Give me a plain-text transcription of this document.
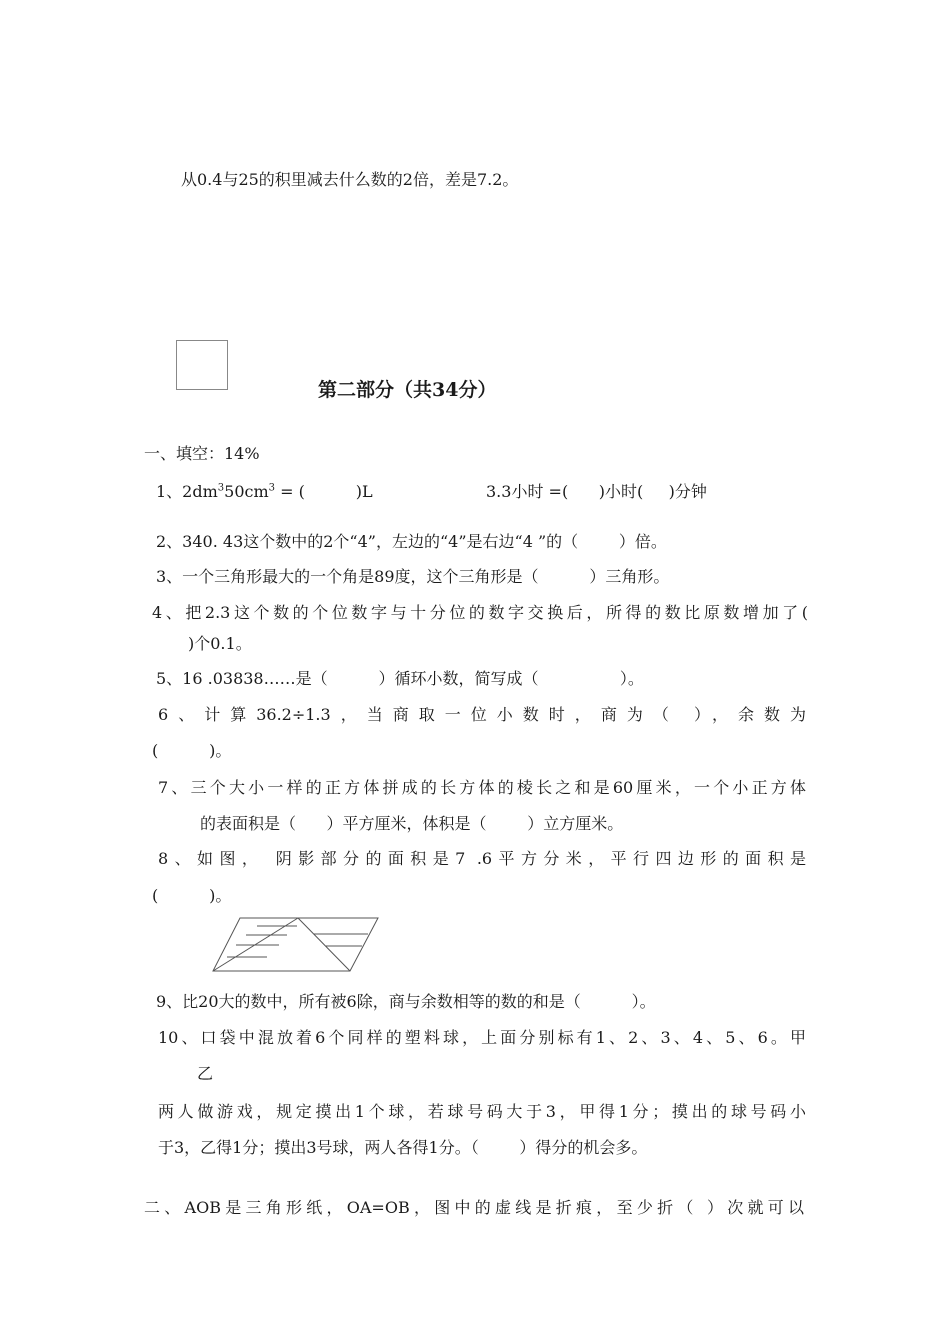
从0.4与25的积里减去什么数的2倍，差是7.2。
第二部分（共34分）
一、填空：14%
1、$2dm^350cm^3$ = (          )L	3.3小时 =(      )小时(     )分钟
2、340. 43这个数中的2个“4”，左边的“4”是右边“4 ”的（        ）倍。
3、一个三角形最大的一个角是89度，这个三角形是（          ）三角形。
4、把2.3这个数的个位数字与十分位的数字交换后，所得的数比原数增加了(
)个0.1。
5、16 .03838……是（          ）循环小数，简写成（                ）。
6、计算36.2÷1.3，当商取一位小数时，商为（ ），余数为
(          )。
7、三个大小一样的正方体拼成的长方体的棱长之和是60厘米，一个小正方体
的表面积是（      ）平方厘米，体积是（        ）立方厘米。
8、如图， 阴影部分的面积是7 .6平方分米，平行四边形的面积是
(          )。
9、比20大的数中，所有被6除，商与余数相等的数的和是（          ）。
10、口袋中混放着6个同样的塑料球，上面分别标有1、2、3、4、5、6。甲
乙
两人做游戏，规定摸出1个球，若球号码大于3，甲得1分；摸出的球号码小
于3，乙得1分；摸出3号球，两人各得1分。（        ）得分的机会多。
二、AOB是三角形纸，OA=OB，图中的虚线是折痕，至少折（ ）次就可以
